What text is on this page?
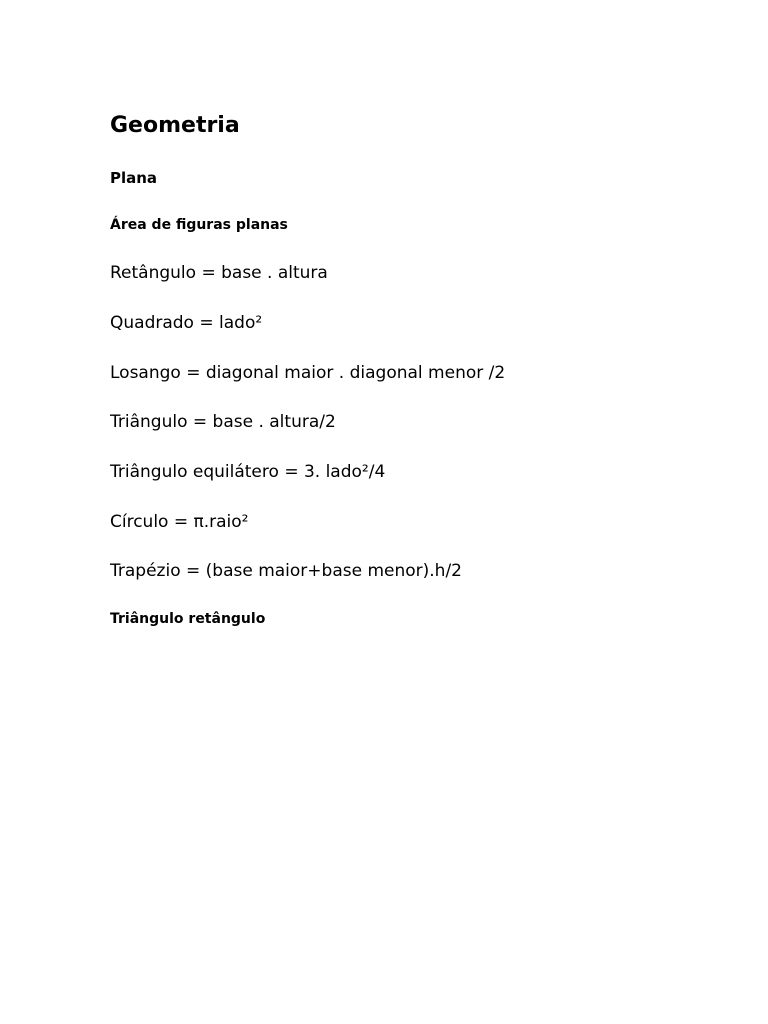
Geometria
Plana
Área de figuras planas
Retângulo = base . altura
Quadrado = lado²
Losango = diagonal maior . diagonal menor /2
Triângulo = base . altura/2
Triângulo equilátero = 3. lado²/4
Círculo = π.raio²
Trapézio = (base maior+base menor).h/2
Triângulo retângulo
